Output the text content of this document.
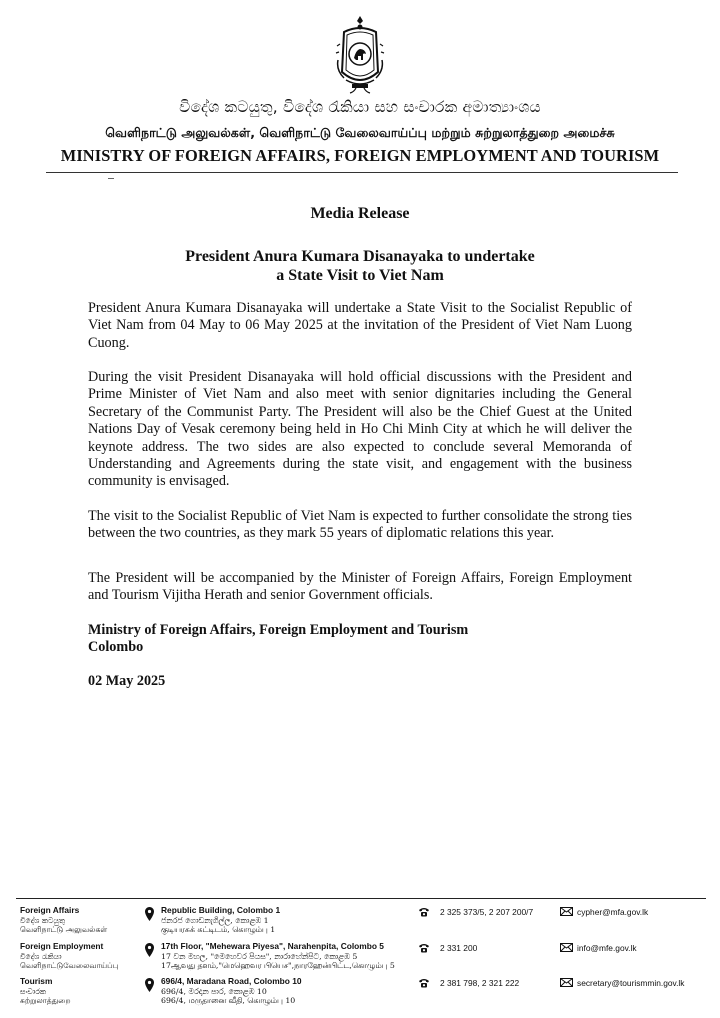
විදේශ කටයුතු, විදේශ රැකියා සහ සංචාරක අමාත්‍යාංශය
வெளிநாட்டு அலுவல்கள், வெளிநாட்டு வேலைவாய்ப்பு மற்றும் சுற்றுலாத்துறை அமைச்சு
MINISTRY OF FOREIGN AFFAIRS, FOREIGN EMPLOYMENT AND TOURISM
Media Release
President Anura Kumara Disanayaka to undertake
a State Visit to Viet Nam
President Anura Kumara Disanayaka will undertake a State Visit to the Socialist Republic of Viet Nam from 04 May to 06 May 2025 at the invitation of the President of Viet Nam Luong Cuong.
During the visit President Disanayaka will hold official discussions with the President and Prime Minister of Viet Nam and also meet with senior dignitaries including the General Secretary of the Communist Party. The President will also be the Chief Guest at the United Nations Day of Vesak ceremony being held in Ho Chi Minh City at which he will deliver the keynote address. The two sides are also expected to conclude several Memoranda of Understanding and Agreements during the state visit, and engagement with the business community is envisaged.
The visit to the Socialist Republic of Viet Nam is expected to further consolidate the strong ties between the two countries, as they mark 55 years of diplomatic relations this year.
The President will be accompanied by the Minister of Foreign Affairs, Foreign Employment and Tourism Vijitha Herath and senior Government officials.
Ministry of Foreign Affairs, Foreign Employment and Tourism
Colombo
02 May 2025
Foreign Affairs
විදේශ කටයුතු
வெளிநாட்டு அலுவல்கள்
Republic Building, Colombo 1
ජනරජ ගොඩනැගිල්ල, කොළඹ 1
குடியரசுக் கட்டிடம், கொழும்பு 1
2 325 373/5, 2 207 200/7	cypher@mfa.gov.lk
Foreign Employment
විදේශ රැකියා
வெளிநாட்டுவேலைவாய்ப்பு
17th Floor, "Mehewara Piyesa", Narahenpita, Colombo 5
17 වන මහල, "මෙහෙවර පියස", නාරාහේන්පිට, කොළඹ 5
17ஆவது தளம்,"மெஹெவர பியெச",நாரஹேன்பிட்ட,கொழும்பு 5
2 331 200	info@mfe.gov.lk
Tourism
සංචාරක
சுற்றுலாத்துறை
696/4, Maradana Road, Colombo 10
696/4, මරදාන පාර, කොළඹ 10
696/4, மருதானை வீதி, கொழும்பு 10
2 381 798, 2 321 222	secretary@tourismmin.gov.lk
